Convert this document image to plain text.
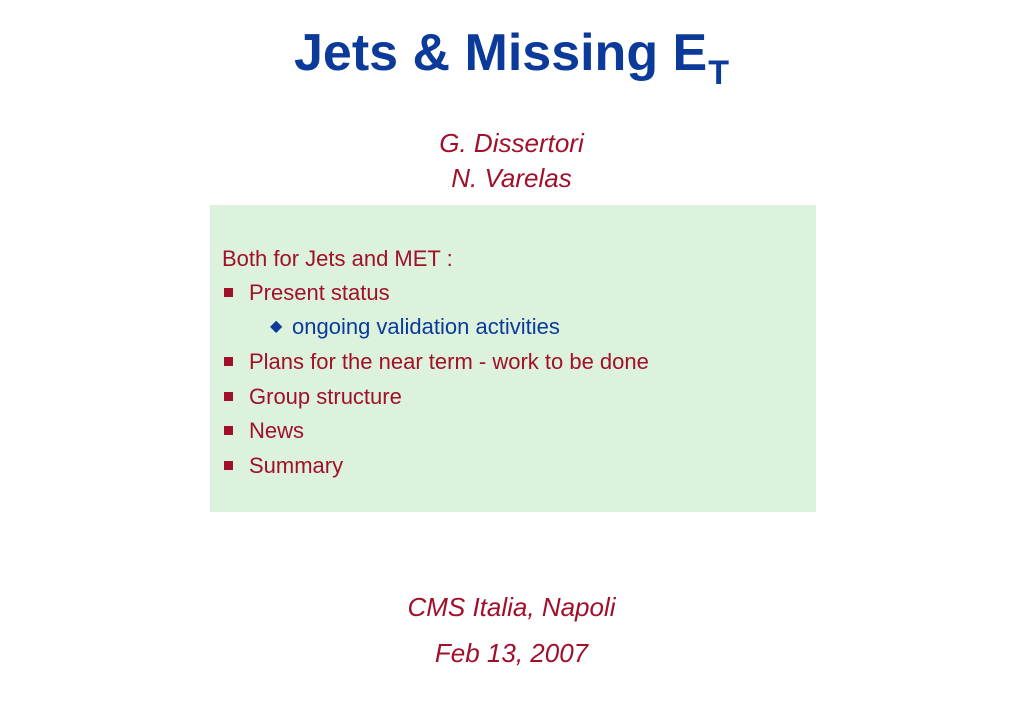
Jets & Missing $E_T$
G. Dissertori
N. Varelas
Both for Jets and MET :
Present status
◆ ongoing validation activities
Plans for the near term - work to be done
Group structure
News
Summary
CMS Italia, Napoli
Feb 13, 2007
